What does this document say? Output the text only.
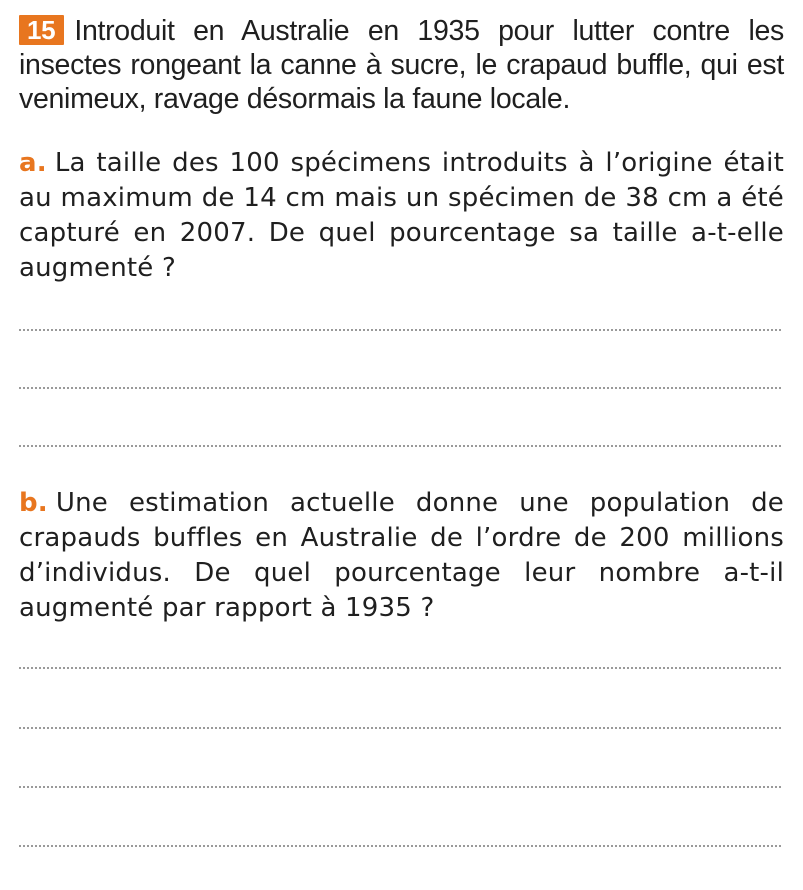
15 Introduit en Australie en 1935 pour lutter contre les insectes rongeant la canne à sucre, le crapaud buffle, qui est venimeux, ravage désormais la faune locale.

a. La taille des 100 spécimens introduits à l’origine était au maximum de 14 cm mais un spécimen de 38 cm a été capturé en 2007. De quel pourcentage sa taille a-t-elle augmenté ?

b. Une estimation actuelle donne une population de crapauds buffles en Australie de l’ordre de 200 millions d’individus. De quel pourcentage leur nombre a-t-il augmenté par rapport à 1935 ?
